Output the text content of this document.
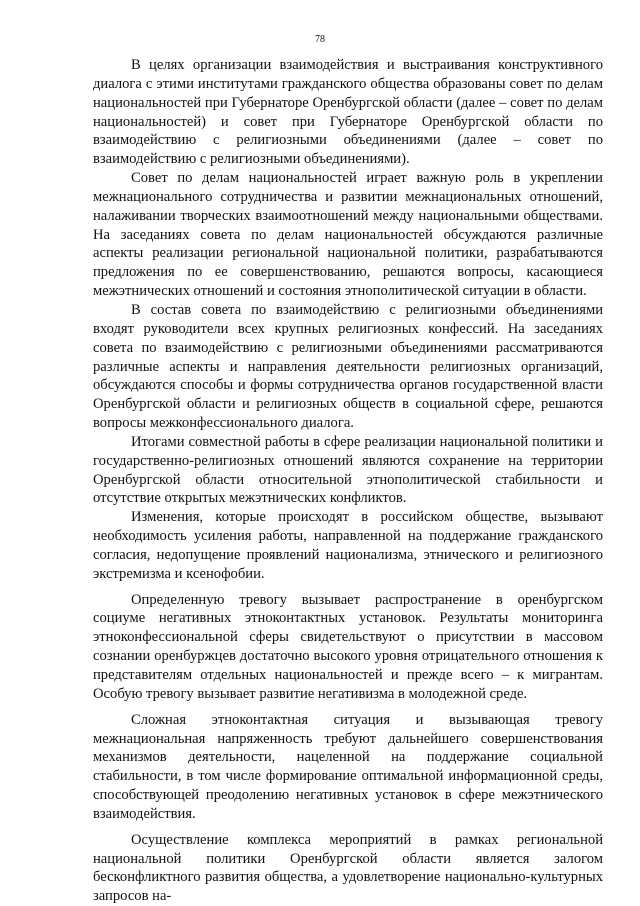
78

В целях организации взаимодействия и выстраивания конструктивного диалога с этими институтами гражданского общества образованы совет по делам национальностей при Губернаторе Оренбургской области (далее – совет по делам национальностей) и совет при Губернаторе Оренбургской области по взаимодействию с религиозными объединениями (далее – совет по взаимодействию с религиозными объединениями).

Совет по делам национальностей играет важную роль в укреплении межнационального сотрудничества и развитии межнациональных отношений, налаживании творческих взаимоотношений между национальными обществами. На заседаниях совета по делам национальностей обсуждаются различные аспекты реализации региональной национальной политики, разрабатываются предложения по ее совершенствованию, решаются вопросы, касающиеся межэтнических отношений и состояния этнополитической ситуации в области.

В состав совета по взаимодействию с религиозными объединениями входят руководители всех крупных религиозных конфессий. На заседаниях совета по взаимодействию с религиозными объединениями рассматриваются различные аспекты и направления деятельности религиозных организаций, обсуждаются способы и формы сотрудничества органов государственной власти Оренбургской области и религиозных обществ в социальной сфере, решаются вопросы межконфессионального диалога.

Итогами совместной работы в сфере реализации национальной политики и государственно-религиозных отношений являются сохранение на территории Оренбургской области относительной этнополитической стабильности и отсутствие открытых межэтнических конфликтов.

Изменения, которые происходят в российском обществе, вызывают необходимость усиления работы, направленной на поддержание гражданского согласия, недопущение проявлений национализма, этнического и религиозного экстремизма и ксенофобии.

Определенную тревогу вызывает распространение в оренбургском социуме негативных этноконтактных установок. Результаты мониторинга этноконфессиональной сферы свидетельствуют о присутствии в массовом сознании оренбуржцев достаточно высокого уровня отрицательного отношения к представителям отдельных национальностей и прежде всего – к мигрантам. Особую тревогу вызывает развитие негативизма в молодежной среде.

Сложная этноконтактная ситуация и вызывающая тревогу межнациональная напряженность требуют дальнейшего совершенствования механизмов деятельности, нацеленной на поддержание социальной стабильности, в том числе формирование оптимальной информационной среды, способствующей преодолению негативных установок в сфере межэтнического взаимодействия.

Осуществление комплекса мероприятий в рамках региональной национальной политики Оренбургской области является залогом бесконфликтного развития общества, а удовлетворение национально-культурных запросов на-
